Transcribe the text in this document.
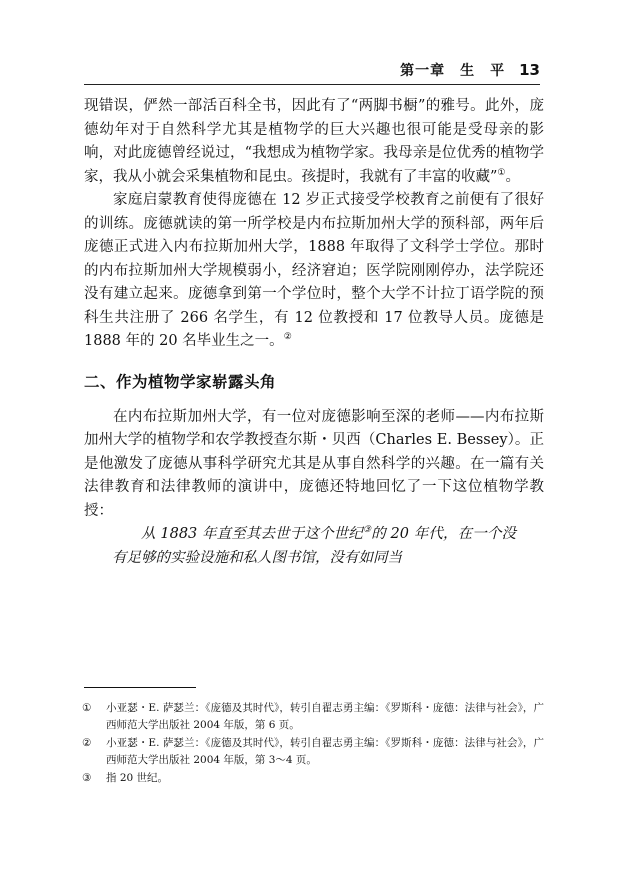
第一章　生　平 13

现错误，俨然一部活百科全书，因此有了“两脚书橱”的雅号。此外，庞德幼年对于自然科学尤其是植物学的巨大兴趣也很可能是受母亲的影响，对此庞德曾经说过，“我想成为植物学家。我母亲是位优秀的植物学家，我从小就会采集植物和昆虫。孩提时，我就有了丰富的收藏”①。

家庭启蒙教育使得庞德在 12 岁正式接受学校教育之前便有了很好的训练。庞德就读的第一所学校是内布拉斯加州大学的预科部，两年后庞德正式进入内布拉斯加州大学，1888 年取得了文科学士学位。那时的内布拉斯加州大学规模弱小，经济窘迫；医学院刚刚停办，法学院还没有建立起来。庞德拿到第一个学位时，整个大学不计拉丁语学院的预科生共注册了 266 名学生，有 12 位教授和 17 位教导人员。庞德是1888 年的 20 名毕业生之一。②

二、作为植物学家崭露头角

在内布拉斯加州大学，有一位对庞德影响至深的老师——内布拉斯加州大学的植物学和农学教授查尔斯・贝西（Charles E. Bessey）。正是他激发了庞德从事科学研究尤其是从事自然科学的兴趣。在一篇有关法律教育和法律教师的演讲中，庞德还特地回忆了一下这位植物学教授：

从 1883 年直至其去世于这个世纪③的 20 年代，在一个没有足够的实验设施和私人图书馆，没有如同当

① 小亚瑟・E. 萨瑟兰：《庞德及其时代》，转引自翟志勇主编：《罗斯科・庞德：法律与社会》，广西师范大学出版社 2004 年版，第 6 页。

② 小亚瑟・E. 萨瑟兰：《庞德及其时代》，转引自翟志勇主编：《罗斯科・庞德：法律与社会》，广西师范大学出版社 2004 年版，第 3～4 页。

③ 指 20 世纪。
